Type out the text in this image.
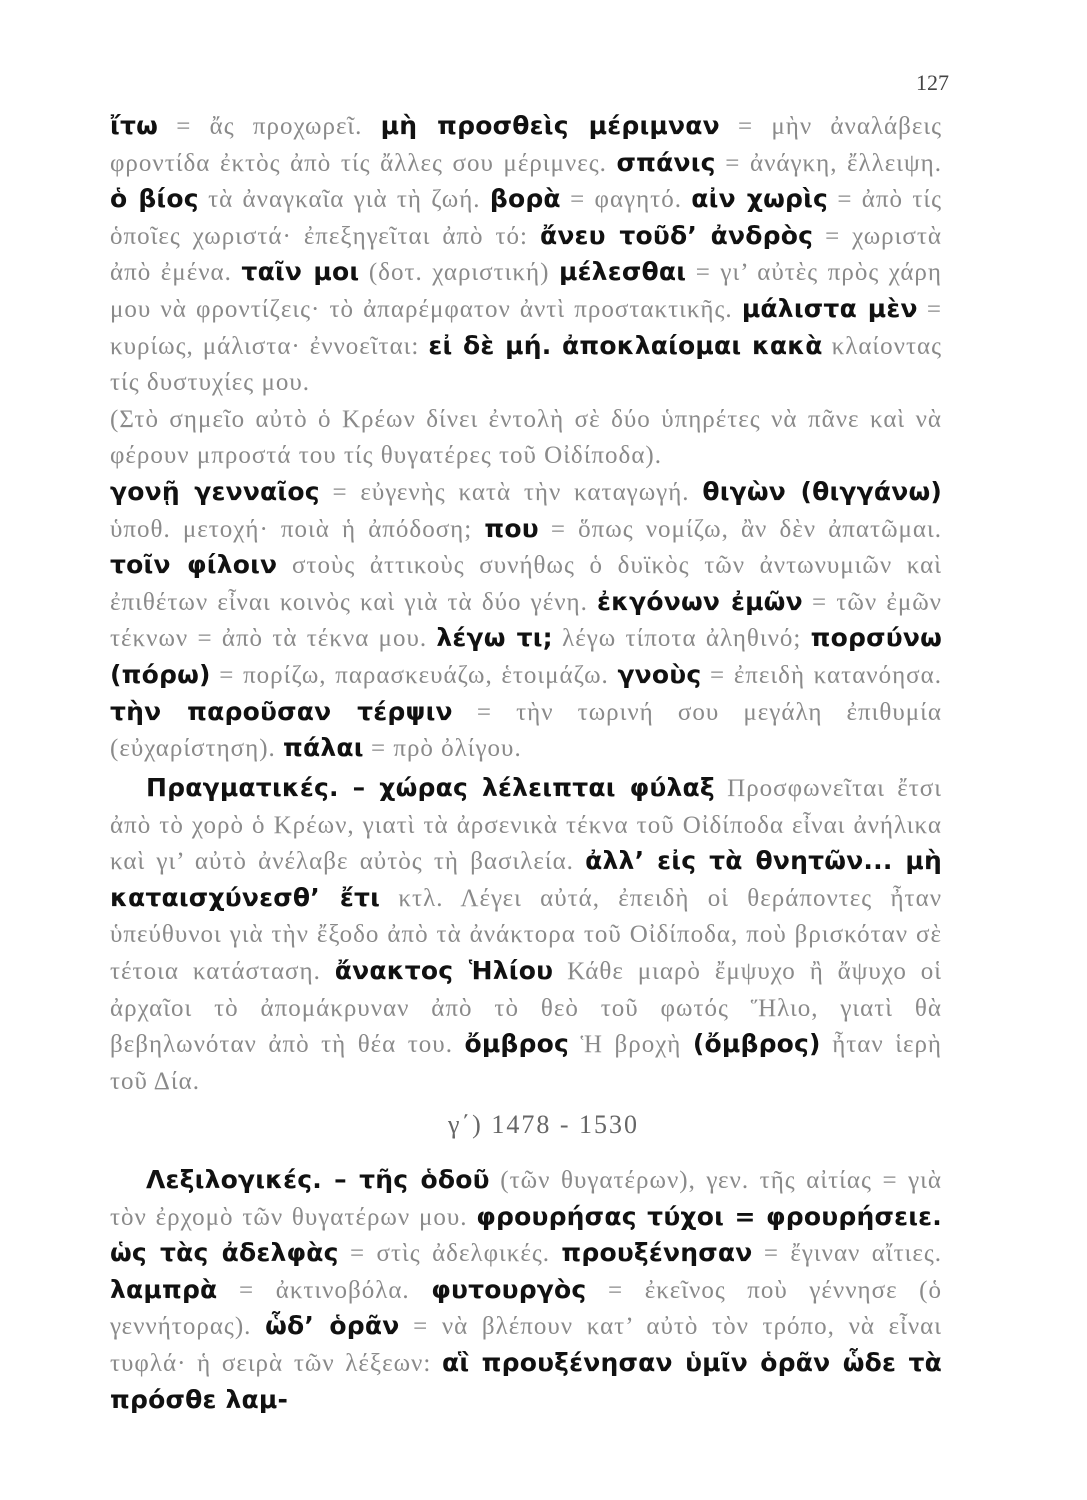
127

ἴτω = ἄς προχωρεῖ. μὴ προσθεὶς μέριμναν = μὴν ἀναλάβεις φροντίδα ἐκτὸς ἀπὸ τίς ἄλλες σου μέριμνες. σπάνις = ἀνάγκη, ἔλλειψη. ὁ βίος τὰ ἀναγκαῖα γιὰ τὴ ζωή. βορὰ = φαγητό. αἰν χωρὶς = ἀπὸ τίς ὁποῖες χωριστά· ἐπεξηγεῖται ἀπὸ τό: ἄνευ τοῦδ’ ἀνδρὸς = χωριστὰ ἀπὸ ἐμένα. ταῖν μοι (δοτ. χαριστική) μέλεσθαι = γι’ αὐτὲς πρὸς χάρη μου νὰ φροντίζεις· τὸ ἀπαρέμφατον ἀντὶ προστακτικῆς. μάλιστα μὲν = κυρίως, μάλιστα· ἐννοεῖται: εἰ δὲ μή. ἀποκλαίομαι κακὰ κλαίοντας τίς δυστυχίες μου.

(Στὸ σημεῖο αὐτὸ ὁ Κρέων δίνει ἐντολὴ σὲ δύο ὑπηρέτες νὰ πᾶνε καὶ νὰ φέρουν μπροστά του τίς θυγατέρες τοῦ Οἰδίποδα).

γονῇ γενναῖος = εὐγενὴς κατὰ τὴν καταγωγή. θιγὼν (θιγγάνω) ὑποθ. μετοχή· ποιὰ ἡ ἀπόδοση; που = ὅπως νομίζω, ἂν δὲν ἀπατῶμαι. τοῖν φίλοιν στοὺς ἀττικοὺς συνήθως ὁ δυϊκὸς τῶν ἀντωνυμιῶν καὶ ἐπιθέτων εἶναι κοινὸς καὶ γιὰ τὰ δύο γένη. ἐκγόνων ἐμῶν = τῶν ἐμῶν τέκνων = ἀπὸ τὰ τέκνα μου. λέγω τι; λέγω τίποτα ἀληθινό; πορσύνω (πόρω) = πορίζω, παρασκευάζω, ἑτοιμάζω. γνοὺς = ἐπειδὴ κατανόησα. τὴν παροῦσαν τέρψιν = τὴν τωρινή σου μεγάλη ἐπιθυμία (εὐχαρίστηση). πάλαι = πρὸ ὀλίγου.

Πραγματικές. – χώρας λέλειπται φύλαξ Προσφωνεῖται ἔτσι ἀπὸ τὸ χορὸ ὁ Κρέων, γιατὶ τὰ ἀρσενικὰ τέκνα τοῦ Οἰδίποδα εἶναι ἀνήλικα καὶ γι’ αὐτὸ ἀνέλαβε αὐτὸς τὴ βασιλεία. ἀλλ’ εἰς τὰ θνητῶν... μὴ καταισχύνεσθ’ ἔτι κτλ. Λέγει αὐτά, ἐπειδὴ οἱ θεράποντες ἦταν ὑπεύθυνοι γιὰ τὴν ἔξοδο ἀπὸ τὰ ἀνάκτορα τοῦ Οἰδίποδα, ποὺ βρισκόταν σὲ τέτοια κατάσταση. ἄνακτος Ἡλίου Κάθε μιαρὸ ἔμψυχο ἢ ἄψυχο οἱ ἀρχαῖοι τὸ ἀπομάκρυναν ἀπὸ τὸ θεὸ τοῦ φωτός Ἥλιο, γιατὶ θὰ βεβηλωνόταν ἀπὸ τὴ θέα του. ὄμβρος Ἡ βροχὴ (ὄμβρος) ἦταν ἱερὴ τοῦ Δία.

γ΄) 1478 - 1530

Λεξιλογικές. – τῆς ὁδοῦ (τῶν θυγατέρων), γεν. τῆς αἰτίας = γιὰ τὸν ἐρχομὸ τῶν θυγατέρων μου. φρουρήσας τύχοι = φρουρήσειε. ὡς τὰς ἀδελφὰς = στὶς ἀδελφικές. προυξένησαν = ἔγιναν αἴτιες. λαμπρὰ = ἀκτινοβόλα. φυτουργὸς = ἐκεῖνος ποὺ γέννησε (ὁ γεννήτορας). ὧδ’ ὁρᾶν = νὰ βλέπουν κατ’ αὐτὸ τὸν τρόπο, νὰ εἶναι τυφλά· ἡ σειρὰ τῶν λέξεων: αἳ προυξένησαν ὑμῖν ὁρᾶν ὧδε τὰ πρόσθε λαμ-
